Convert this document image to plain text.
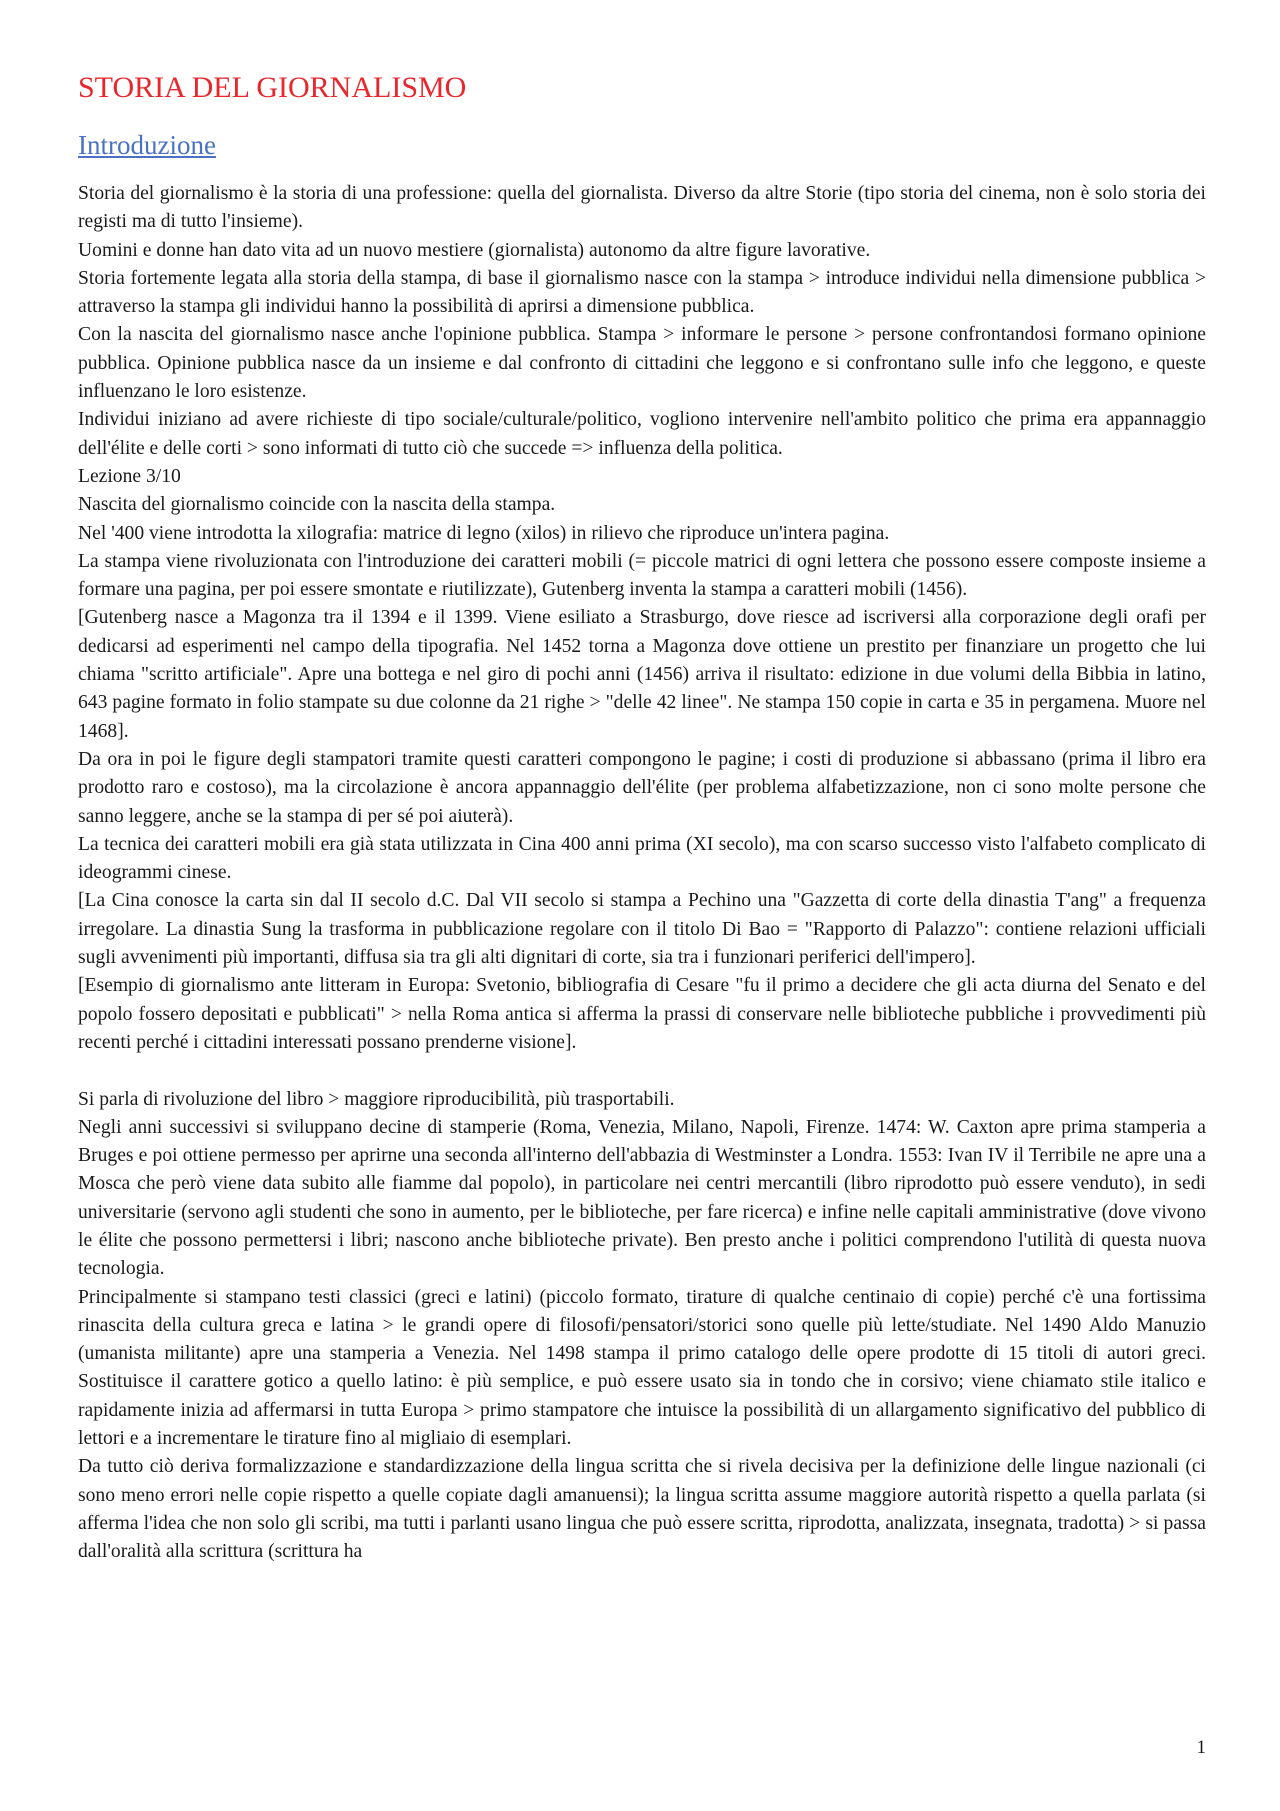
STORIA DEL GIORNALISMO
Introduzione

Storia del giornalismo è la storia di una professione: quella del giornalista. Diverso da altre Storie (tipo storia del cinema, non è solo storia dei registi ma di tutto l'insieme).

Uomini e donne han dato vita ad un nuovo mestiere (giornalista) autonomo da altre figure lavorative.

Storia fortemente legata alla storia della stampa, di base il giornalismo nasce con la stampa > introduce individui nella dimensione pubblica > attraverso la stampa gli individui hanno la possibilità di aprirsi a dimensione pubblica.

Con la nascita del giornalismo nasce anche l'opinione pubblica. Stampa > informare le persone > persone confrontandosi formano opinione pubblica. Opinione pubblica nasce da un insieme e dal confronto di cittadini che leggono e si confrontano sulle info che leggono, e queste influenzano le loro esistenze.

Individui iniziano ad avere richieste di tipo sociale/culturale/politico, vogliono intervenire nell'ambito politico che prima era appannaggio dell'élite e delle corti > sono informati di tutto ciò che succede => influenza della politica.

Lezione 3/10

Nascita del giornalismo coincide con la nascita della stampa.

Nel '400 viene introdotta la xilografia: matrice di legno (xilos) in rilievo che riproduce un'intera pagina.

La stampa viene rivoluzionata con l'introduzione dei caratteri mobili (= piccole matrici di ogni lettera che possono essere composte insieme a formare una pagina, per poi essere smontate e riutilizzate), Gutenberg inventa la stampa a caratteri mobili (1456).

[Gutenberg nasce a Magonza tra il 1394 e il 1399. Viene esiliato a Strasburgo, dove riesce ad iscriversi alla corporazione degli orafi per dedicarsi ad esperimenti nel campo della tipografia. Nel 1452 torna a Magonza dove ottiene un prestito per finanziare un progetto che lui chiama "scritto artificiale". Apre una bottega e nel giro di pochi anni (1456) arriva il risultato: edizione in due volumi della Bibbia in latino, 643 pagine formato in folio stampate su due colonne da 21 righe > "delle 42 linee". Ne stampa 150 copie in carta e 35 in pergamena. Muore nel 1468].

Da ora in poi le figure degli stampatori tramite questi caratteri compongono le pagine; i costi di produzione si abbassano (prima il libro era prodotto raro e costoso), ma la circolazione è ancora appannaggio dell'élite (per problema alfabetizzazione, non ci sono molte persone che sanno leggere, anche se la stampa di per sé poi aiuterà).

La tecnica dei caratteri mobili era già stata utilizzata in Cina 400 anni prima (XI secolo), ma con scarso successo visto l'alfabeto complicato di ideogrammi cinese.

[La Cina conosce la carta sin dal II secolo d.C. Dal VII secolo si stampa a Pechino una "Gazzetta di corte della dinastia T'ang" a frequenza irregolare. La dinastia Sung la trasforma in pubblicazione regolare con il titolo Di Bao = "Rapporto di Palazzo": contiene relazioni ufficiali sugli avvenimenti più importanti, diffusa sia tra gli alti dignitari di corte, sia tra i funzionari periferici dell'impero].

[Esempio di giornalismo ante litteram in Europa: Svetonio, bibliografia di Cesare "fu il primo a decidere che gli acta diurna del Senato e del popolo fossero depositati e pubblicati" > nella Roma antica si afferma la prassi di conservare nelle biblioteche pubbliche i provvedimenti più recenti perché i cittadini interessati possano prenderne visione].

Si parla di rivoluzione del libro > maggiore riproducibilità, più trasportabili.

Negli anni successivi si sviluppano decine di stamperie (Roma, Venezia, Milano, Napoli, Firenze. 1474: W. Caxton apre prima stamperia a Bruges e poi ottiene permesso per aprirne una seconda all'interno dell'abbazia di Westminster a Londra. 1553: Ivan IV il Terribile ne apre una a Mosca che però viene data subito alle fiamme dal popolo), in particolare nei centri mercantili (libro riprodotto può essere venduto), in sedi universitarie (servono agli studenti che sono in aumento, per le biblioteche, per fare ricerca) e infine nelle capitali amministrative (dove vivono le élite che possono permettersi i libri; nascono anche biblioteche private). Ben presto anche i politici comprendono l'utilità di questa nuova tecnologia.

Principalmente si stampano testi classici (greci e latini) (piccolo formato, tirature di qualche centinaio di copie) perché c'è una fortissima rinascita della cultura greca e latina > le grandi opere di filosofi/pensatori/storici sono quelle più lette/studiate. Nel 1490 Aldo Manuzio (umanista militante) apre una stamperia a Venezia. Nel 1498 stampa il primo catalogo delle opere prodotte di 15 titoli di autori greci. Sostituisce il carattere gotico a quello latino: è più semplice, e può essere usato sia in tondo che in corsivo; viene chiamato stile italico e rapidamente inizia ad affermarsi in tutta Europa > primo stampatore che intuisce la possibilità di un allargamento significativo del pubblico di lettori e a incrementare le tirature fino al migliaio di esemplari.

Da tutto ciò deriva formalizzazione e standardizzazione della lingua scritta che si rivela decisiva per la definizione delle lingue nazionali (ci sono meno errori nelle copie rispetto a quelle copiate dagli amanuensi); la lingua scritta assume maggiore autorità rispetto a quella parlata (si afferma l'idea che non solo gli scribi, ma tutti i parlanti usano lingua che può essere scritta, riprodotta, analizzata, insegnata, tradotta) > si passa dall'oralità alla scrittura (scrittura ha

1
